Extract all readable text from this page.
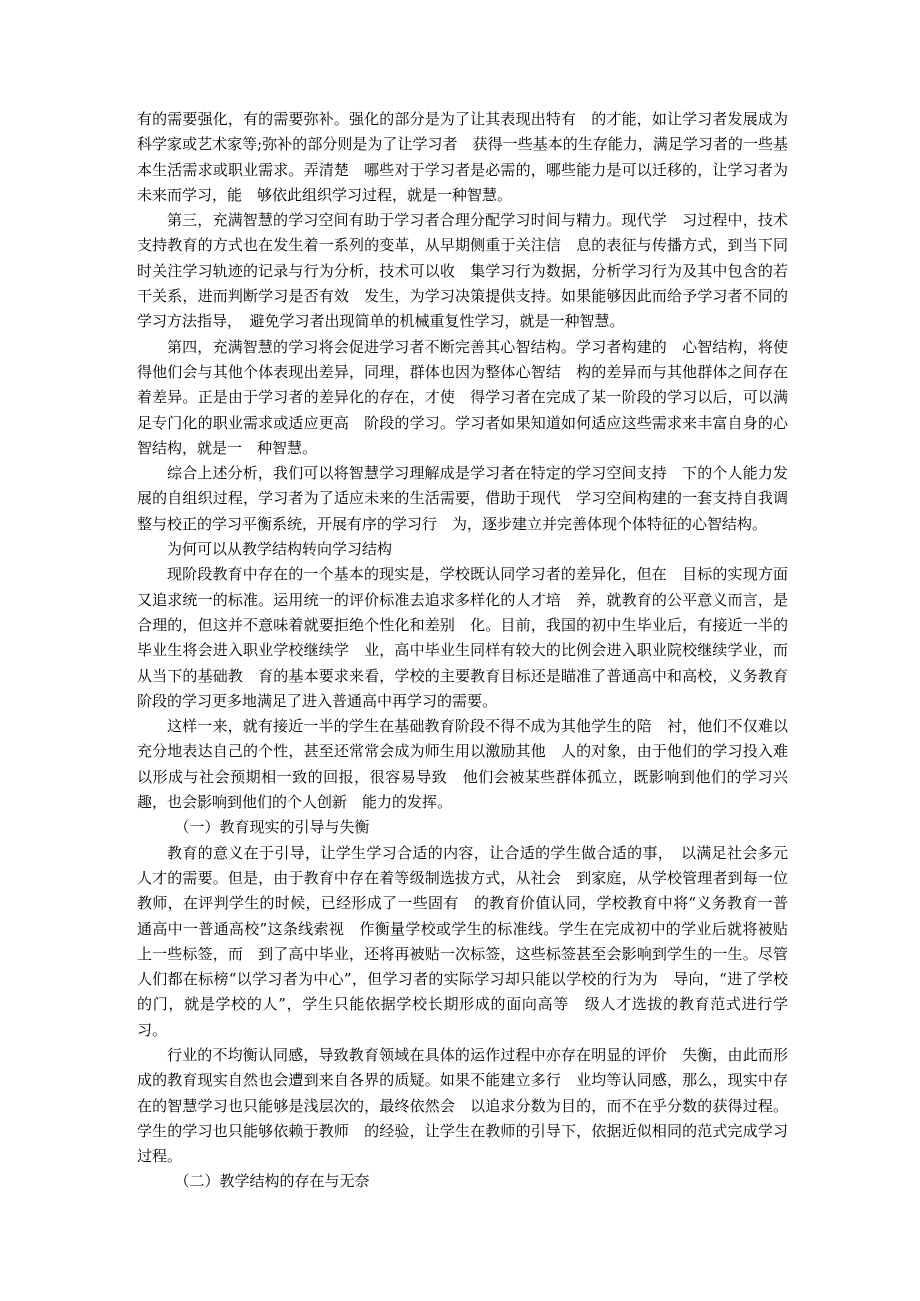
有的需要强化，有的需要弥补。强化的部分是为了让其表现出特有　的才能，如让学习者发展成为科学家或艺术家等;弥补的部分则是为了让学习者　获得一些基本的生存能力，满足学习者的一些基本生活需求或职业需求。弄清楚　哪些对于学习者是必需的，哪些能力是可以迁移的，让学习者为未来而学习，能　够依此组织学习过程，就是一种智慧。

第三，充满智慧的学习空间有助于学习者合理分配学习时间与精力。现代学　习过程中，技术支持教育的方式也在发生着一系列的变革，从早期侧重于关注信　息的表征与传播方式，到当下同时关注学习轨迹的记录与行为分析，技术可以收　集学习行为数据，分析学习行为及其中包含的若干关系，进而判断学习是否有效　发生，为学习决策提供支持。如果能够因此而给予学习者不同的学习方法指导，　避免学习者出现简单的机械重复性学习，就是一种智慧。

第四，充满智慧的学习将会促进学习者不断完善其心智结构。学习者构建的　心智结构，将使得他们会与其他个体表现出差异，同理，群体也因为整体心智结　构的差异而与其他群体之间存在着差异。正是由于学习者的差异化的存在，才使　得学习者在完成了某一阶段的学习以后，可以满足专门化的职业需求或适应更高　阶段的学习。学习者如果知道如何适应这些需求来丰富自身的心智结构，就是一　种智慧。

综合上述分析，我们可以将智慧学习理解成是学习者在特定的学习空间支持　下的个人能力发展的自组织过程，学习者为了适应未来的生活需要，借助于现代　学习空间构建的一套支持自我调整与校正的学习平衡系统，开展有序的学习行　为，逐步建立并完善体现个体特征的心智结构。

为何可以从教学结构转向学习结构

现阶段教育中存在的一个基本的现实是，学校既认同学习者的差异化，但在　目标的实现方面又追求统一的标准。运用统一的评价标准去追求多样化的人才培　养，就教育的公平意义而言，是合理的，但这并不意味着就要拒绝个性化和差别　化。目前，我国的初中生毕业后，有接近一半的毕业生将会进入职业学校继续学　业，高中毕业生同样有较大的比例会进入职业院校继续学业，而从当下的基础教　育的基本要求来看，学校的主要教育目标还是瞄准了普通高中和高校，义务教育　阶段的学习更多地满足了进入普通高中再学习的需要。

这样一来，就有接近一半的学生在基础教育阶段不得不成为其他学生的陪　衬，他们不仅难以充分地表达自己的个性，甚至还常常会成为师生用以激励其他　人的对象，由于他们的学习投入难以形成与社会预期相一致的回报，很容易导致　他们会被某些群体孤立，既影响到他们的学习兴趣，也会影响到他们的个人创新　能力的发挥。

（一）教育现实的引导与失衡

教育的意义在于引导，让学生学习合适的内容，让合适的学生做合适的事，　以满足社会多元人才的需要。但是，由于教育中存在着等级制选拔方式，从社会　到家庭，从学校管理者到每一位教师，在评判学生的时候，已经形成了一些固有　的教育价值认同，学校教育中将“义务教育一普通高中一普通高校”这条线索视　作衡量学校或学生的标准线。学生在完成初中的学业后就将被贴上一些标签，而　到了高中毕业，还将再被贴一次标签，这些标签甚至会影响到学生的一生。尽管　人们都在标榜“以学习者为中心”，但学习者的实际学习却只能以学校的行为为　导向，“进了学校的门，就是学校的人”，学生只能依据学校长期形成的面向高等　级人才选拔的教育范式进行学习。

行业的不均衡认同感，导致教育领域在具体的运作过程中亦存在明显的评价　失衡，由此而形成的教育现实自然也会遭到来自各界的质疑。如果不能建立多行　业均等认同感，那么，现实中存在的智慧学习也只能够是浅层次的，最终依然会　以追求分数为目的，而不在乎分数的获得过程。学生的学习也只能够依赖于教师　的经验，让学生在教师的引导下，依据近似相同的范式完成学习过程。

（二）教学结构的存在与无奈
